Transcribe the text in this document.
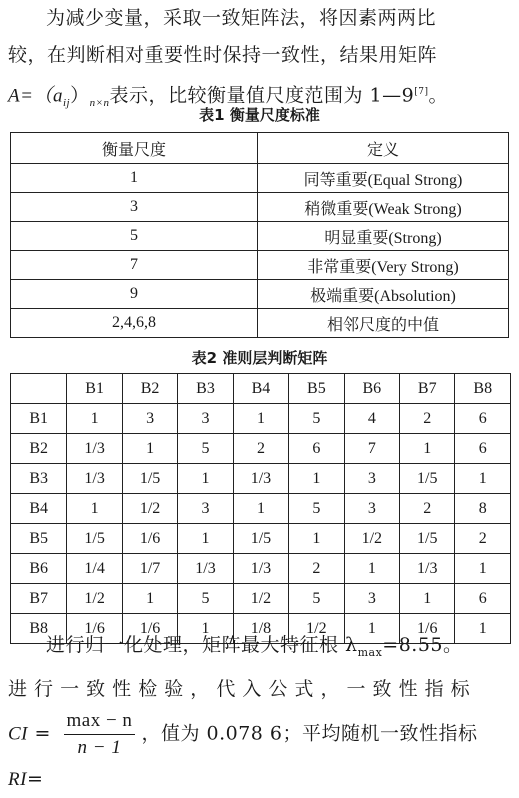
为减少变量，采取一致矩阵法，将因素两两比
较，在判断相对重要性时保持一致性，结果用矩阵
$A=(a_{ij})_{n\times n}$表示，比较衡量值尺度范围为 1—9[7]。
表1 衡量尺度标准
衡量尺度	定义
1	同等重要(Equal Strong)
3	稍微重要(Weak Strong)
5	明显重要(Strong)
7	非常重要(Very Strong)
9	极端重要(Absolution)
2,4,6,8	相邻尺度的中值
表2 准则层判断矩阵
	B1	B2	B3	B4	B5	B6	B7	B8
B1	1	3	3	1	5	4	2	6
B2	1/3	1	5	2	6	7	1	6
B3	1/3	1/5	1	1/3	1	3	1/5	1
B4	1	1/2	3	1	5	3	2	8
B5	1/5	1/6	1	1/5	1	1/2	1/5	2
B6	1/4	1/7	1/3	1/3	2	1	1/3	1
B7	1/2	1	5	1/2	5	3	1	6
B8	1/6	1/6	1	1/8	1/2	1	1/6	1
进行归一化处理，矩阵最大特征根 $\lambda_{max}=8.55$。
进 行 一 致 性 检 验 ， 代 入 公 式 ， 一 致 性 指 标
CI = $\frac{\max - n}{n - 1}$ ，值为 0.078 6；平均随机一致性指标 RI=
